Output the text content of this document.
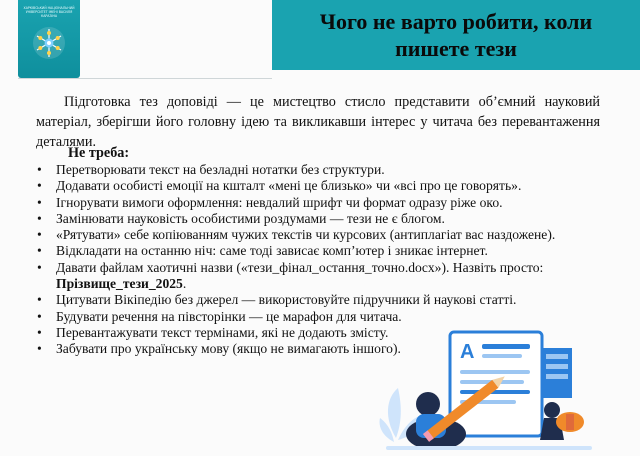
ХАРКІВСЬКИЙ НАЦІОНАЛЬНИЙ УНІВЕРСИТЕТ ІМЕНІ ВАСИЛЯ КАРАЗІНА	Чого не варто робити, коли
пишете тези

Підготовка тез доповіді — це мистецтво стисло представити об’ємний науковий матеріал, зберігши його головну ідею та викликавши інтерес у читача без перевантаження деталями.

Не треба:
• Перетворювати текст на безладні нотатки без структури.
• Додавати особисті емоції на кшталт «мені це близько» чи «всі про це говорять».
• Ігнорувати вимоги оформлення: невдалий шрифт чи формат одразу ріже око.
• Замінювати науковість особистими роздумами — тези не є блогом.
• «Рятувати» себе копіюванням чужих текстів чи курсових (антиплагіат вас наздожене).
• Відкладати на останню ніч: саме тоді зависає комп’ютер і зникає інтернет.
• Давати файлам хаотичні назви («тези_фінал_остання_точно.docx»). Назвіть просто:
Прізвище_тези_2025.
• Цитувати Вікіпедію без джерел — використовуйте підручники й наукові статті.
• Будувати речення на півсторінки — це марафон для читача.
• Перевантажувати текст термінами, які не додають змісту.
• Забувати про українську мову (якщо не вимагають іншого).	A
